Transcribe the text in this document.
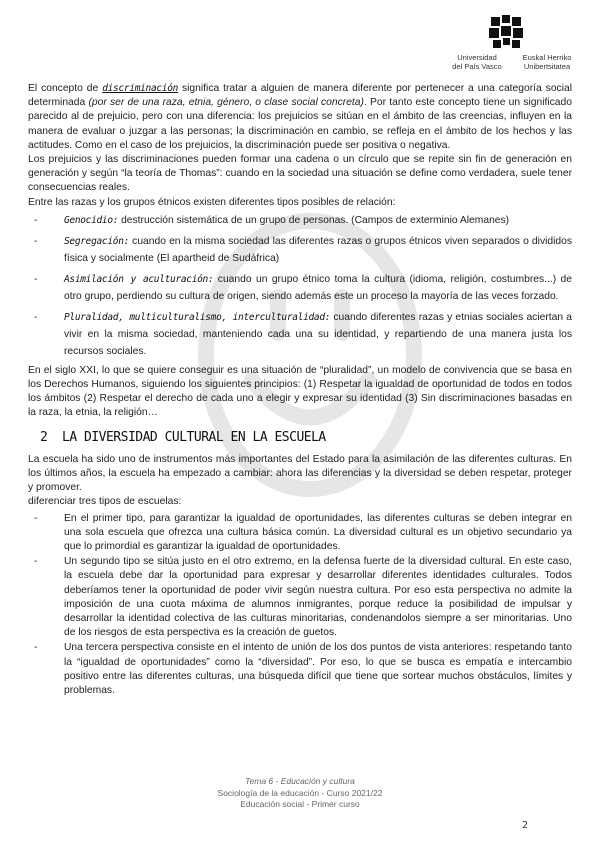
Universidad
del País Vasco
Euskal Herriko
Unibertsitatea

El concepto de discriminación significa tratar a alguien de manera diferente por pertenecer a una categoría social determinada (por ser de una raza, etnia, género, o clase social concreta). Por tanto este concepto tiene un significado parecido al de prejuicio, pero con una diferencia: los prejuicios se sitúan en el ámbito de las creencias, influyen en la manera de evaluar o juzgar a las personas; la discriminación en cambio, se refleja en el ámbito de los hechos y las actitudes. Como en el caso de los prejuicios, la discriminación puede ser positiva o negativa.

Los prejuicios y las discriminaciones pueden formar una cadena o un círculo que se repite sin fin de generación en generación y según “la teoría de Thomas”: cuando en la sociedad una situación se define como verdadera, suele tener consecuencias reales.

Entre las razas y los grupos étnicos existen diferentes tipos posibles de relación:

- Genocidio: destrucción sistemática de un grupo de personas. (Campos de exterminio Alemanes)
- Segregación: cuando en la misma sociedad las diferentes razas o grupos étnicos viven separados o divididos física y socialmente (El apartheid de Sudáfrica)
- Asimilación y aculturación: cuando un grupo étnico toma la cultura (idioma, religión, costumbres...) de otro grupo, perdiendo su cultura de origen, siendo además este un proceso la mayoría de las veces forzado.
- Pluralidad, multiculturalismo, interculturalidad: cuando diferentes razas y etnias sociales aciertan a vivir en la misma sociedad, manteniendo cada una su identidad, y repartiendo de una manera justa los recursos sociales.

En el siglo XXI, lo que se quiere conseguir es una situación de “pluralidad”, un modelo de convivencia que se basa en los Derechos Humanos, siguiendo los siguientes principios: (1) Respetar la igualdad de oportunidad de todos en todos los ámbitos (2) Respetar el derecho de cada uno a elegir y expresar su identidad (3) Sin discriminaciones basadas en la raza, la etnia, la religión…

2 LA DIVERSIDAD CULTURAL EN LA ESCUELA

La escuela ha sido uno de instrumentos más importantes del Estado para la asimilación de las diferentes culturas. En los últimos años, la escuela ha empezado a cambiar: ahora las diferencias y la diversidad se deben respetar, proteger y promover.

diferenciar tres tipos de escuelas:

- En el primer tipo, para garantizar la igualdad de oportunidades, las diferentes culturas se deben integrar en una sola escuela que ofrezca una cultura básica común. La diversidad cultural es un objetivo secundario ya que lo primordial es garantizar la igualdad de oportunidades.
- Un segundo tipo se sitúa justo en el otro extremo, en la defensa fuerte de la diversidad cultural. En este caso, la escuela debe dar la oportunidad para expresar y desarrollar diferentes identidades culturales. Todos deberíamos tener la oportunidad de poder vivir según nuestra cultura. Por eso esta perspectiva no admite la imposición de una cuota máxima de alumnos inmigrantes, porque reduce la posibilidad de impulsar y desarrollar la identidad colectiva de las culturas minoritarias, condenandolos siempre a ser minoritarias. Uno de los riesgos de esta perspectiva es la creación de guetos.
- Una tercera perspectiva consiste en el intento de unión de los dos puntos de vista anteriores: respetando tanto la “igualdad de oportunidades” como la “diversidad”. Por eso, lo que se busca es empatía e intercambio positivo entre las diferentes culturas, una búsqueda difícil que tiene que sortear muchos obstáculos, límites y problemas.
Tema 6 - Educación y cultura
Sociología de la educación - Curso 2021/22
Educación social - Primer curso
2
